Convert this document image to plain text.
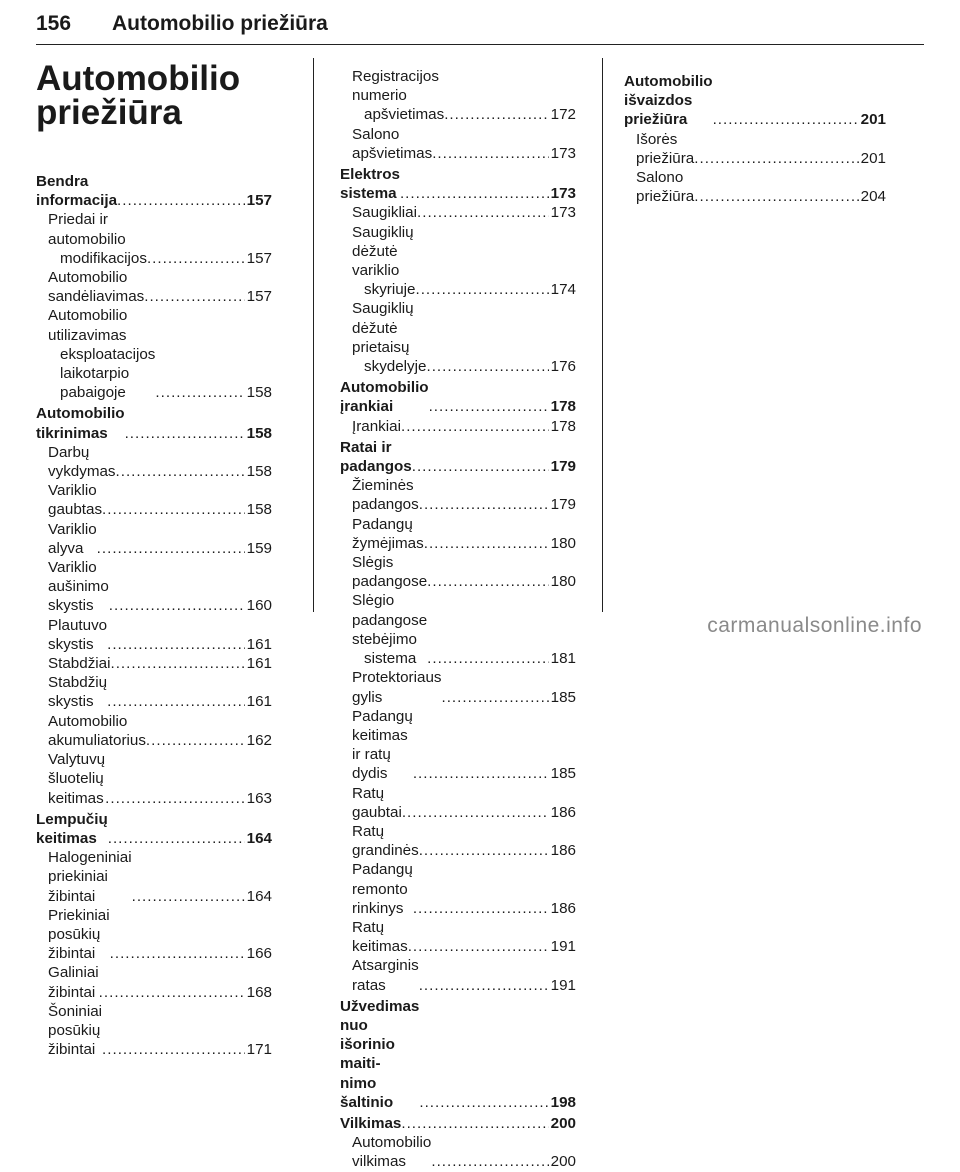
156 Automobilio priežiūra
Automobilio
priežiūra
Bendra informacija .....	157
Priedai ir automobilio
modifikacijos .....	157
Automobilio sandėliavimas .....	157
Automobilio utilizavimas
eksploatacijos laikotarpio
pabaigoje .....	158
Automobilio tikrinimas .....	158
Darbų vykdymas .....	158
Variklio gaubtas .....	158
Variklio alyva .....	159
Variklio aušinimo skystis .....	160
Plautuvo skystis .....	161
Stabdžiai .....	161
Stabdžių skystis .....	161
Automobilio akumuliatorius .....	162
Valytuvų šluotelių keitimas .....	163
Lempučių keitimas .....	164
Halogeniniai priekiniai žibintai .....	164
Priekiniai posūkių žibintai .....	166
Galiniai žibintai .....	168
Šoniniai posūkių žibintai .....	171
Registracijos numerio
apšvietimas .....	172
Salono apšvietimas .....	173
Elektros sistema .....	173
Saugikliai .....	173
Saugiklių dėžutė variklio
skyriuje .....	174
Saugiklių dėžutė prietaisų
skydelyje .....	176
Automobilio įrankiai .....	178
Įrankiai .....	178
Ratai ir padangos .....	179
Žieminės padangos .....	179
Padangų žymėjimas .....	180
Slėgis padangose .....	180
Slėgio padangose stebėjimo
sistema .....	181
Protektoriaus gylis .....	185
Padangų keitimas ir ratų dydis .....	185
Ratų gaubtai .....	186
Ratų grandinės .....	186
Padangų remonto rinkinys .....	186
Ratų keitimas .....	191
Atsarginis ratas .....	191
Užvedimas nuo išorinio maiti-
nimo šaltinio .....	198
Vilkimas .....	200
Automobilio vilkimas .....	200
Automobilio išvaizdos priežiūra .....	201
Išorės priežiūra .....	201
Salono priežiūra .....	204
carmanualsonline.info
